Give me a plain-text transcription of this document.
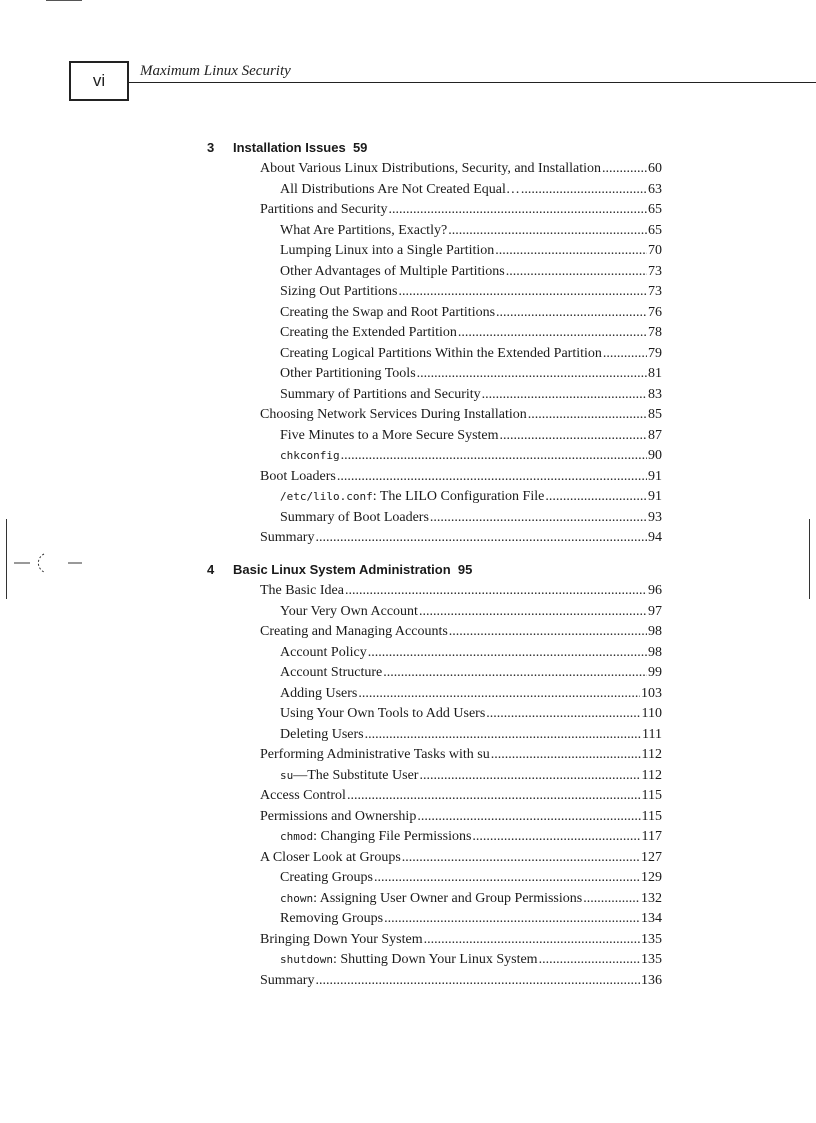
vi Maximum Linux Security
3 Installation Issues 59
About Various Linux Distributions, Security, and Installation .....	60
All Distributions Are Not Created Equal… .....	63
Partitions and Security .....	65
What Are Partitions, Exactly? .....	65
Lumping Linux into a Single Partition .....	70
Other Advantages of Multiple Partitions .....	73
Sizing Out Partitions .....	73
Creating the Swap and Root Partitions .....	76
Creating the Extended Partition .....	78
Creating Logical Partitions Within the Extended Partition .....	79
Other Partitioning Tools .....	81
Summary of Partitions and Security .....	83
Choosing Network Services During Installation .....	85
Five Minutes to a More Secure System .....	87
chkconfig .....	90
Boot Loaders .....	91
/etc/lilo.conf: The LILO Configuration File .....	91
Summary of Boot Loaders .....	93
Summary .....	94
4 Basic Linux System Administration 95
The Basic Idea .....	96
Your Very Own Account .....	97
Creating and Managing Accounts .....	98
Account Policy .....	98
Account Structure .....	99
Adding Users .....	103
Using Your Own Tools to Add Users .....	110
Deleting Users .....	111
Performing Administrative Tasks with su .....	112
su—The Substitute User .....	112
Access Control .....	115
Permissions and Ownership .....	115
chmod: Changing File Permissions .....	117
A Closer Look at Groups .....	127
Creating Groups .....	129
chown: Assigning User Owner and Group Permissions .....	132
Removing Groups .....	134
Bringing Down Your System .....	135
shutdown: Shutting Down Your Linux System .....	135
Summary .....	136
